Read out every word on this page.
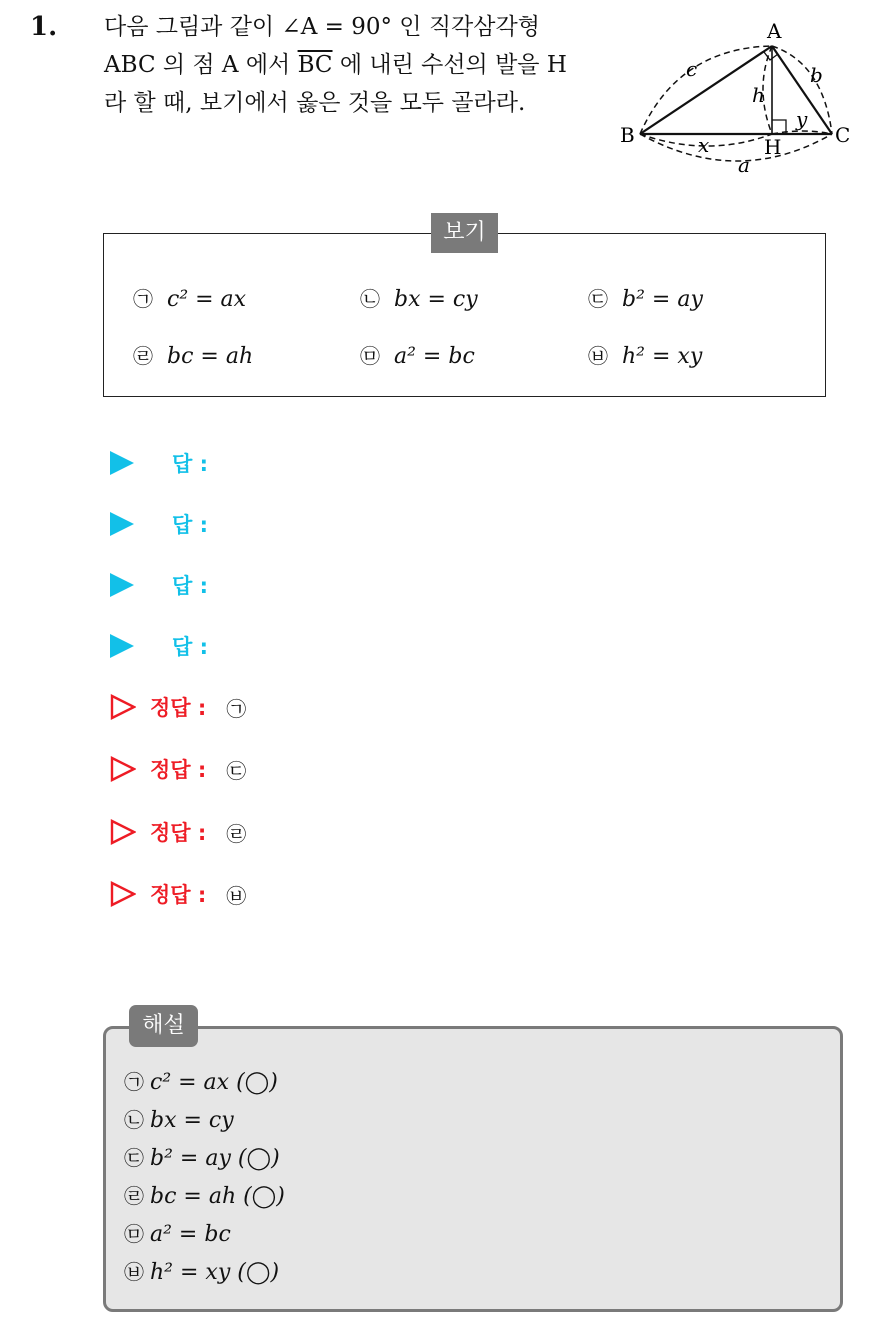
1. 다음 그림과 같이 ∠A = 90° 인 직각삼각형 ABC 의 점 A 에서 $\overline{BC}$ 에 내린 수선의 발을 H 라 할 때, 보기에서 옳은 것을 모두 골라라.
A
B	C
H
c	b
h
x
y
a
보기
㉠ c² = ax	㉡ bx = cy	㉢ b² = ay
㉣ bc = ah	㉤ a² = bc	㉥ h² = xy
답 :
답 :
답 :
답 :
정답 : ㉠
정답 : ㉢
정답 : ㉣
정답 : ㉥
해설
㉠ c² = ax (◯)
㉡ bx = cy
㉢ b² = ay (◯)
㉣ bc = ah (◯)
㉤ a² = bc
㉥ h² = xy (◯)
